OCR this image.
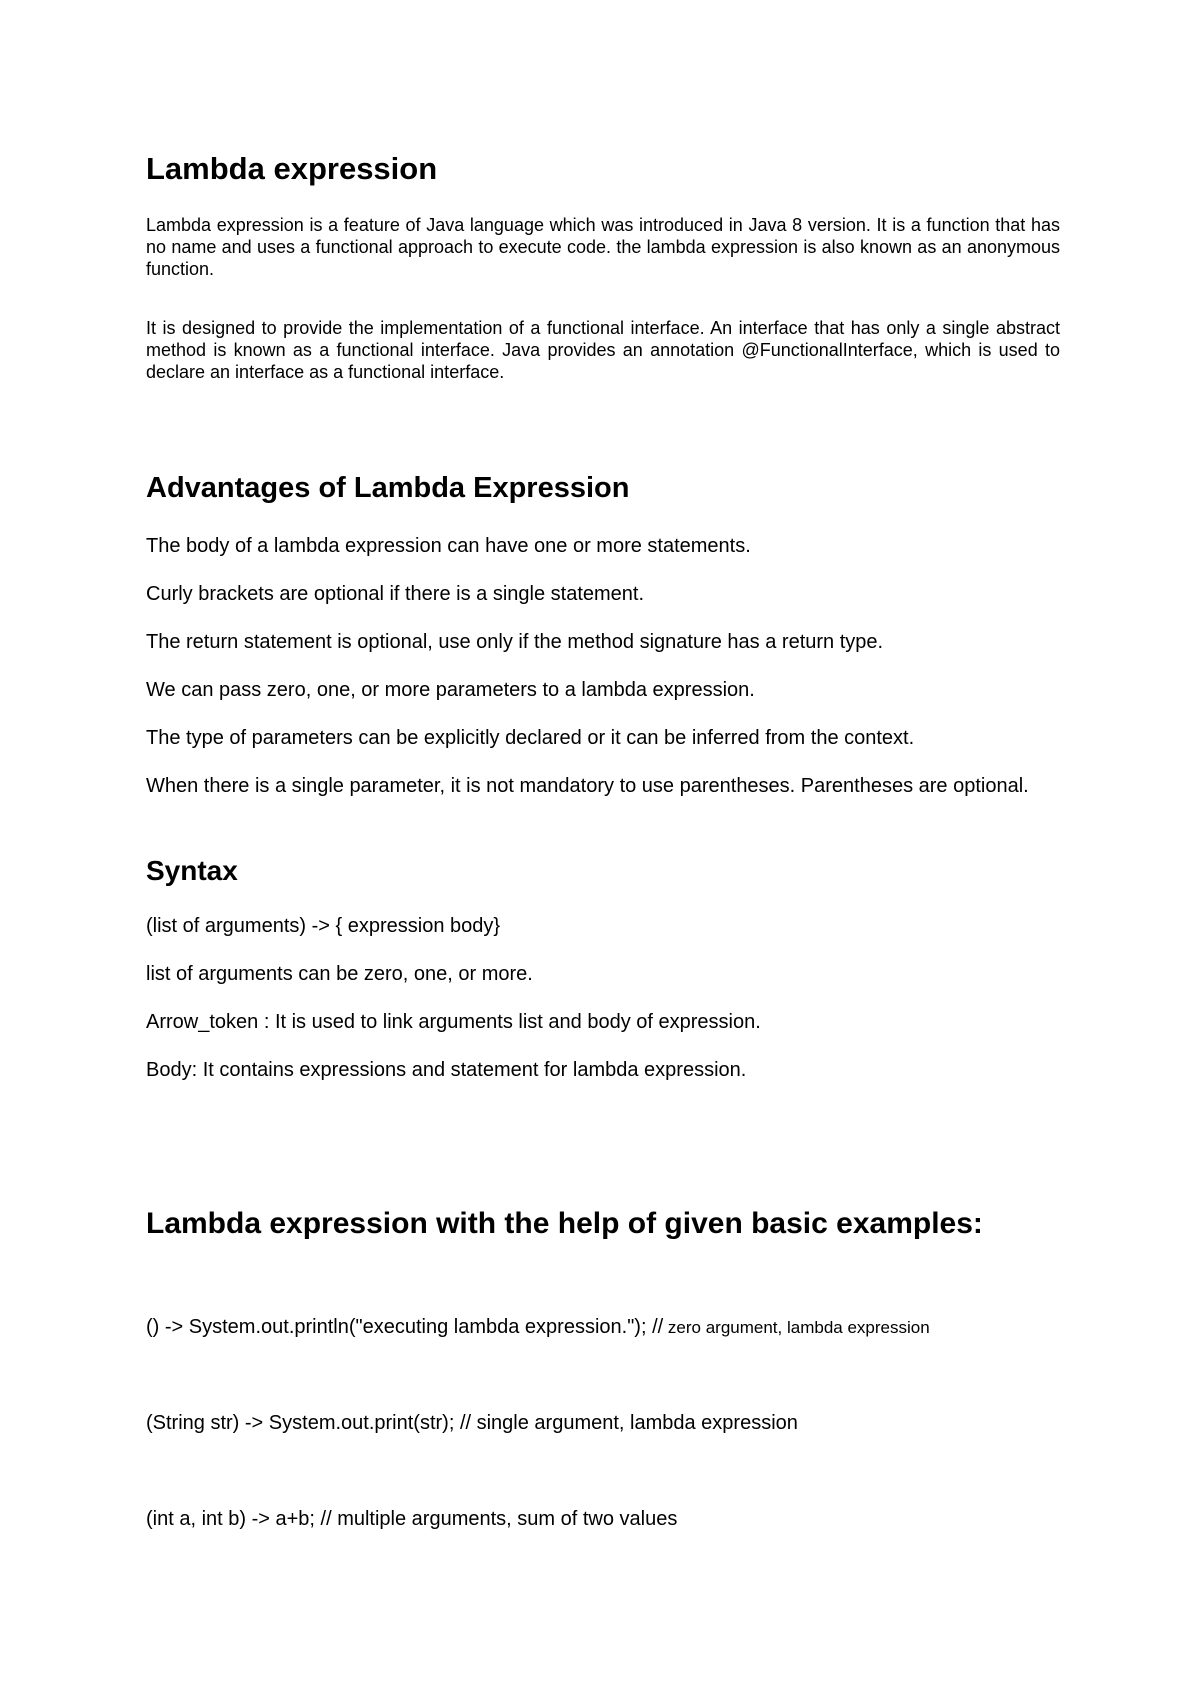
Lambda expression

Lambda expression is a feature of Java language which was introduced in Java 8 version. It is a function that has no name and uses a functional approach to execute code. the lambda expression is also known as an anonymous function.

It is designed to provide the implementation of a functional interface. An interface that has only a single abstract method is known as a functional interface. Java provides an annotation @FunctionalInterface, which is used to declare an interface as a functional interface.

Advantages of Lambda Expression

The body of a lambda expression can have one or more statements.

Curly brackets are optional if there is a single statement.

The return statement is optional, use only if the method signature has a return type.

We can pass zero, one, or more parameters to a lambda expression.

The type of parameters can be explicitly declared or it can be inferred from the context.

When there is a single parameter, it is not mandatory to use parentheses. Parentheses are optional.

Syntax

(list of arguments) -> { expression body}

list of arguments can be zero, one, or more.

Arrow_token : It is used to link arguments list and body of expression.

Body: It contains expressions and statement for lambda expression.

Lambda expression with the help of given basic examples:

() -> System.out.println("executing lambda expression."); // zero argument, lambda expression

(String str) -> System.out.print(str); // single argument, lambda expression

(int a, int b) -> a+b; // multiple arguments, sum of two values
